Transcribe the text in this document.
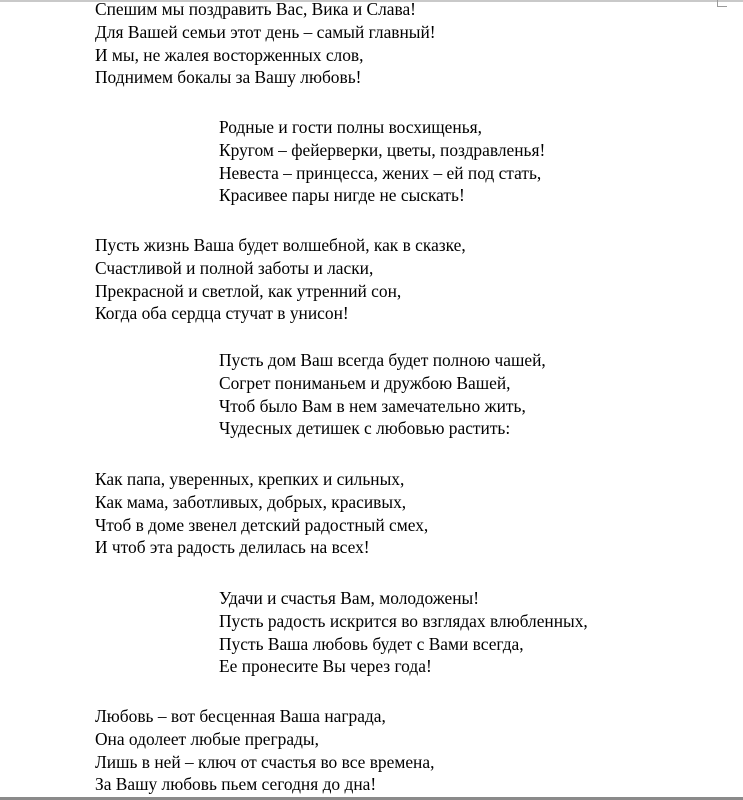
Спешим мы поздравить Вас, Вика и Слава!
Для Вашей семьи этот день – самый главный!
И мы, не жалея восторженных слов,
Поднимем бокалы за Вашу любовь!
Родные и гости полны восхищенья,
Кругом – фейерверки, цветы, поздравленья!
Невеста – принцесса, жених – ей под стать,
Красивее пары нигде не сыскать!
Пусть жизнь Ваша будет волшебной, как в сказке,
Счастливой и полной заботы и ласки,
Прекрасной и светлой, как утренний сон,
Когда оба сердца стучат в унисон!
Пусть дом Ваш всегда будет полною чашей,
Согрет пониманьем и дружбою Вашей,
Чтоб было Вам в нем замечательно жить,
Чудесных детишек с любовью растить:
Как папа, уверенных, крепких и сильных,
Как мама, заботливых, добрых, красивых,
Чтоб в доме звенел детский радостный смех,
И чтоб эта радость делилась на всех!
Удачи и счастья Вам, молодожены!
Пусть радость искрится во взглядах влюбленных,
Пусть Ваша любовь будет с Вами всегда,
Ее пронесите Вы через года!
Любовь – вот бесценная Ваша награда,
Она одолеет любые преграды,
Лишь в ней – ключ от счастья во все времена,
За Вашу любовь пьем сегодня до дна!
